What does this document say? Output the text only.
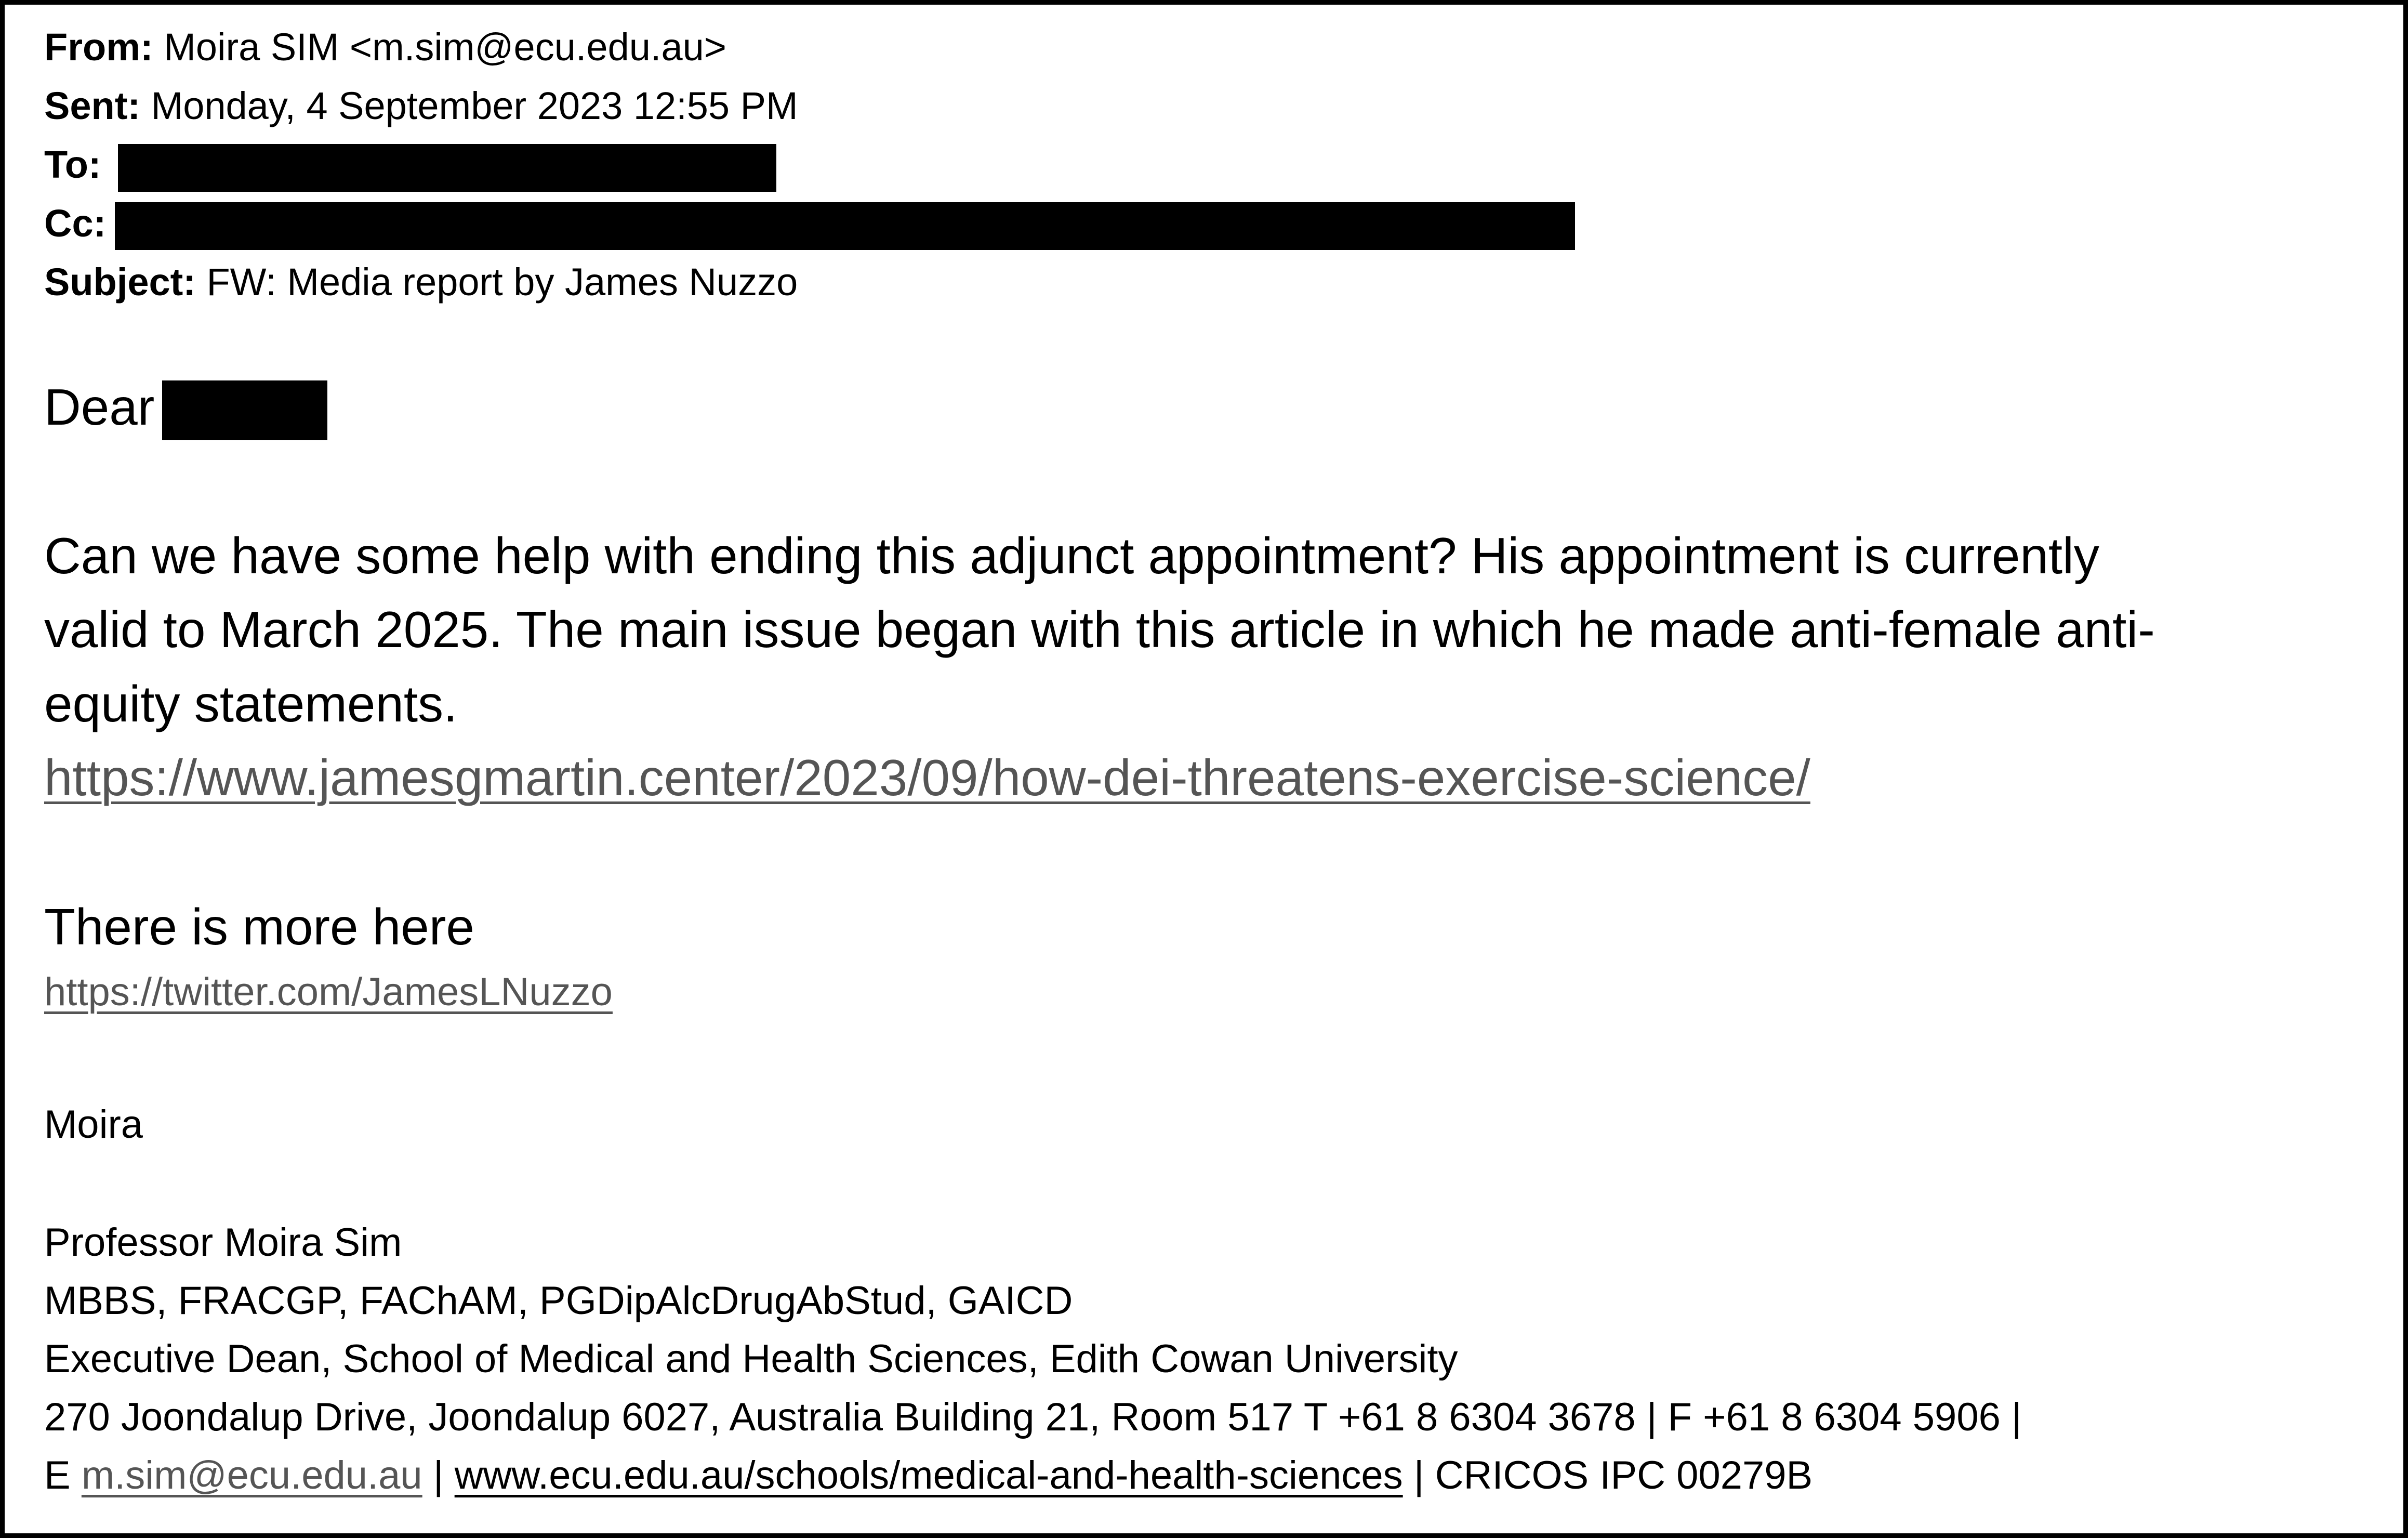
From: Moira SIM <m.sim@ecu.edu.au>
Sent: Monday, 4 September 2023 12:55 PM
To:
Cc:
Subject: FW: Media report by James Nuzzo
Dear
Can we have some help with ending this adjunct appointment? His appointment is currently
valid to March 2025. The main issue began with this article in which he made anti-female anti-
equity statements.
https://www.jamesgmartin.center/2023/09/how-dei-threatens-exercise-science/
There is more here
https://twitter.com/JamesLNuzzo
Moira
Professor Moira Sim
MBBS, FRACGP, FAChAM, PGDipAlcDrugAbStud, GAICD
Executive Dean, School of Medical and Health Sciences, Edith Cowan University
270 Joondalup Drive, Joondalup 6027, Australia Building 21, Room 517 T +61 8 6304 3678 | F +61 8 6304 5906 |
E m.sim@ecu.edu.au | www.ecu.edu.au/schools/medical-and-health-sciences | CRICOS IPC 00279B
